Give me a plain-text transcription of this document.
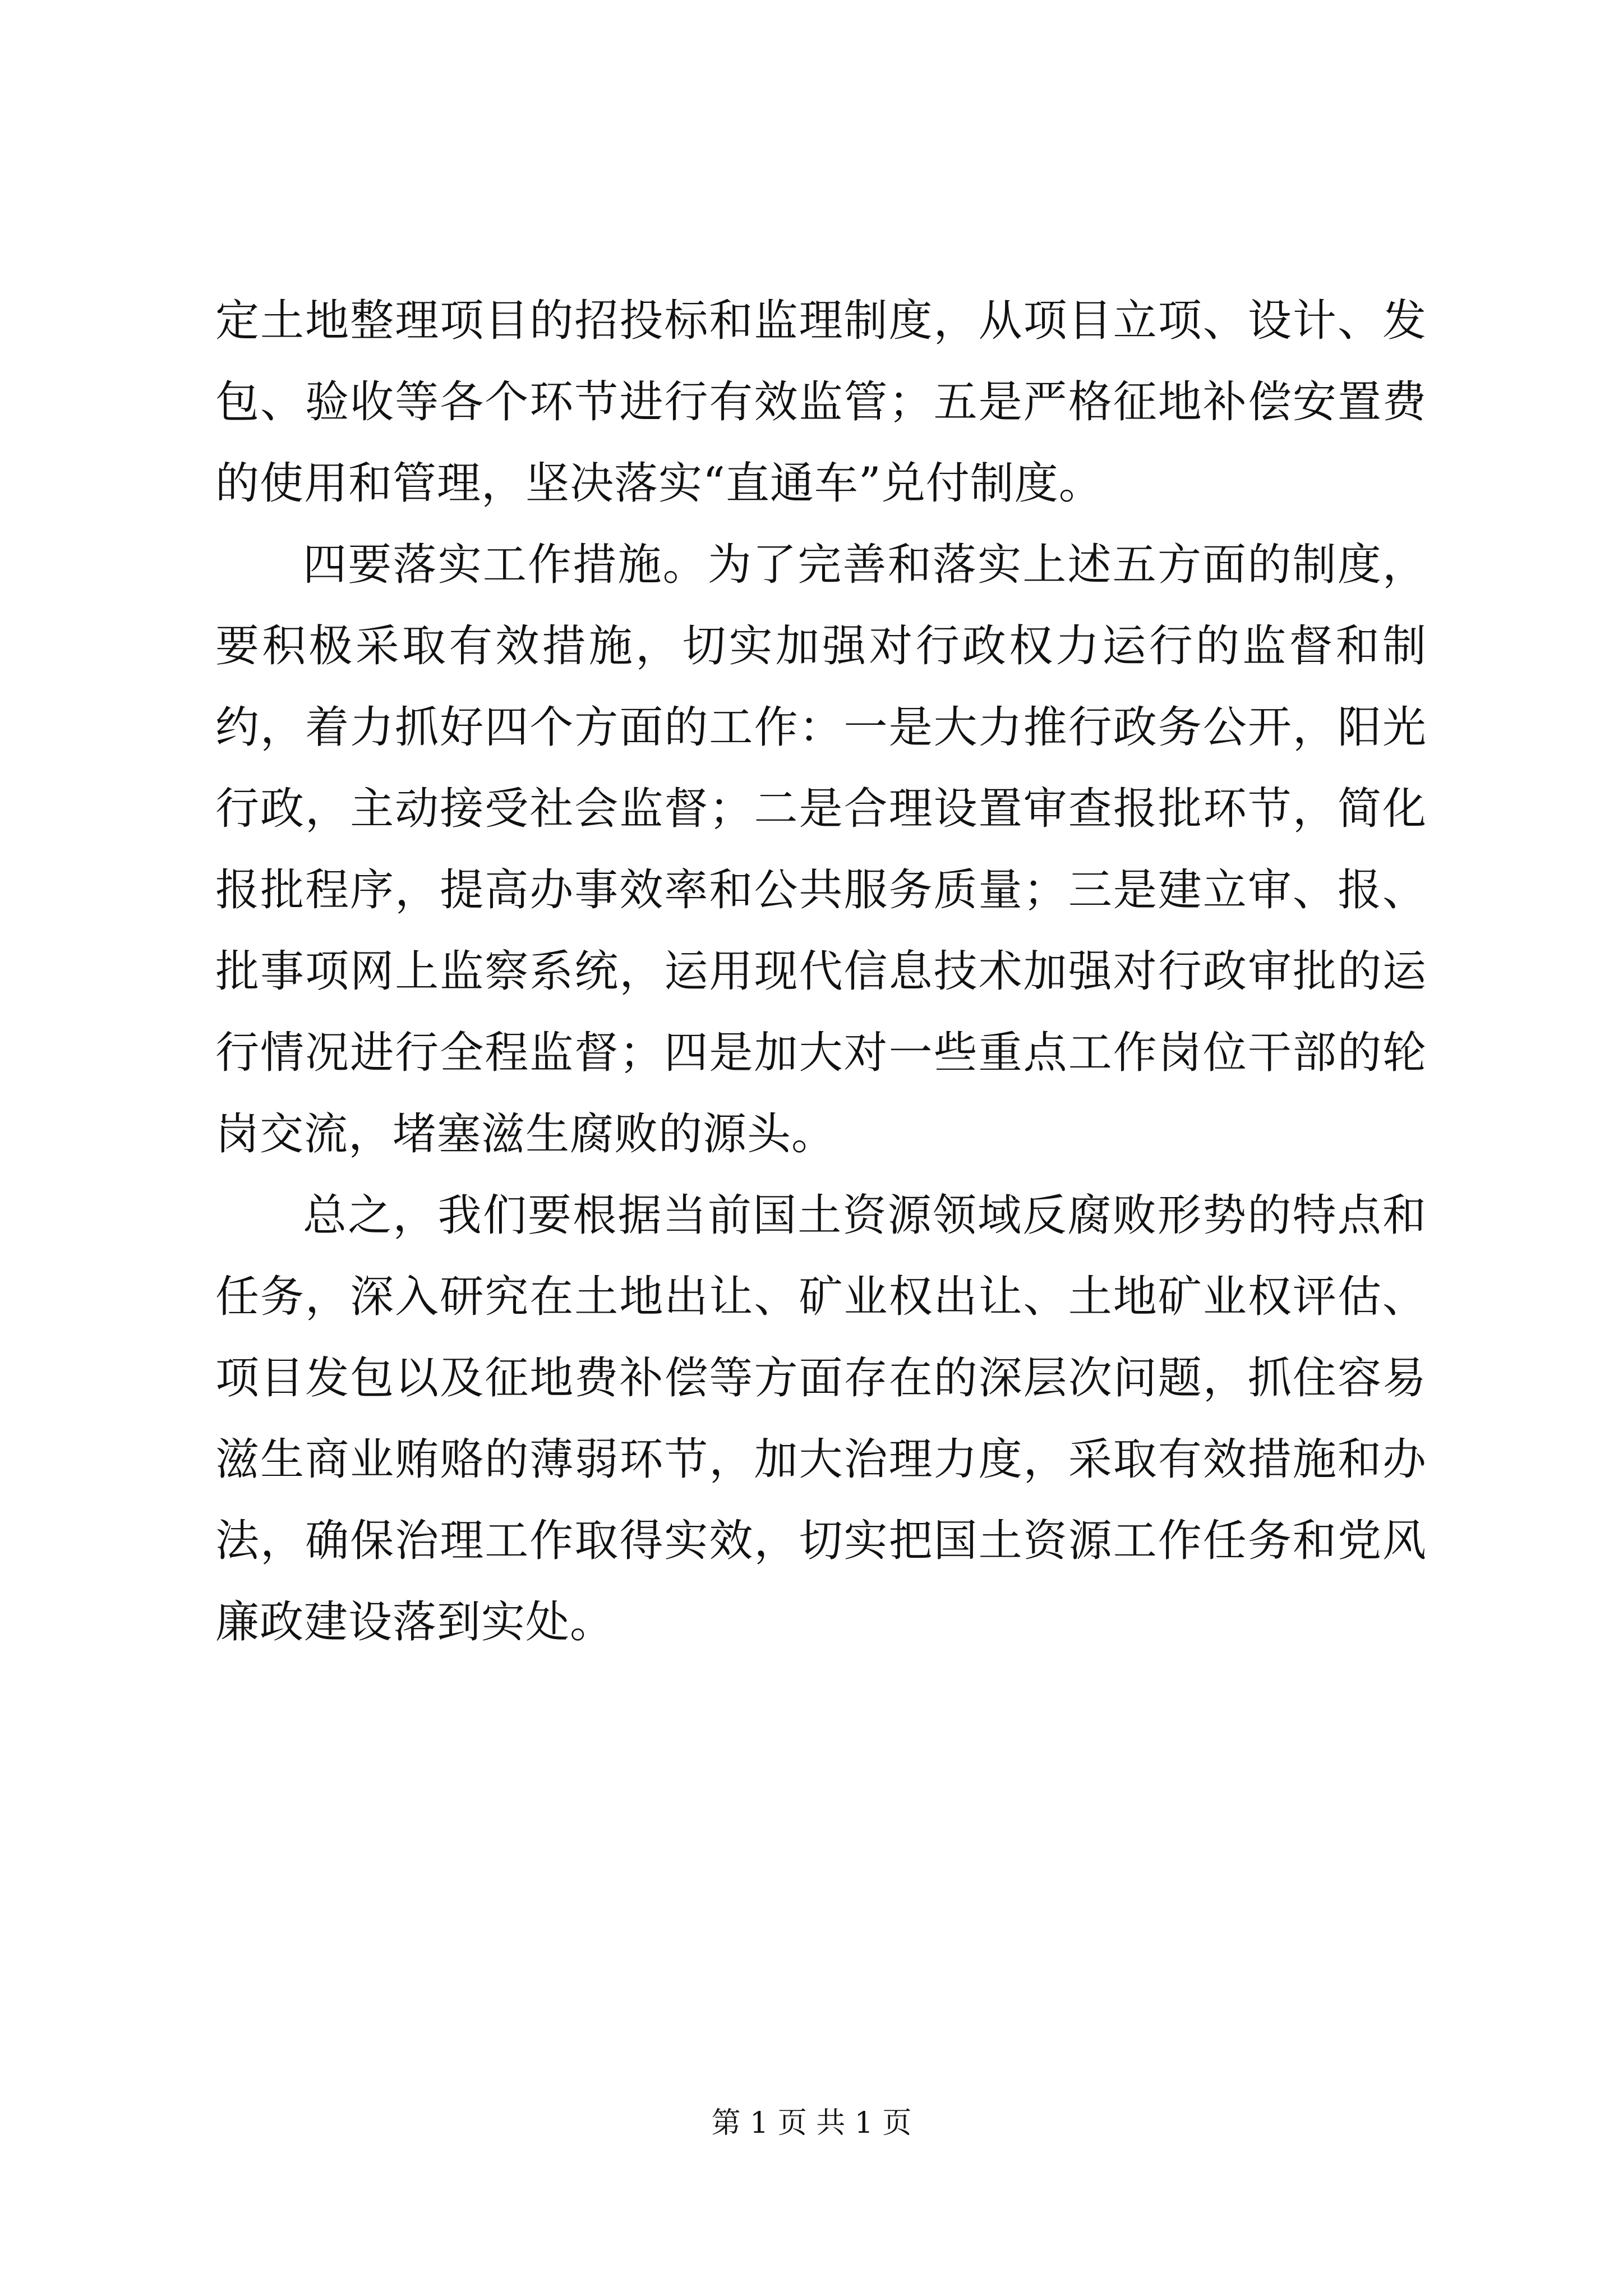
定土地整理项目的招投标和监理制度，从项目立项、设计、发包、验收等各个环节进行有效监管；五是严格征地补偿安置费的使用和管理，坚决落实“直通车”兑付制度。

四要落实工作措施。为了完善和落实上述五方面的制度，要积极采取有效措施，切实加强对行政权力运行的监督和制约，着力抓好四个方面的工作：一是大力推行政务公开，阳光行政，主动接受社会监督；二是合理设置审查报批环节，简化报批程序，提高办事效率和公共服务质量；三是建立审、报、批事项网上监察系统，运用现代信息技术加强对行政审批的运行情况进行全程监督；四是加大对一些重点工作岗位干部的轮岗交流，堵塞滋生腐败的源头。

总之，我们要根据当前国土资源领域反腐败形势的特点和任务，深入研究在土地出让、矿业权出让、土地矿业权评估、项目发包以及征地费补偿等方面存在的深层次问题，抓住容易滋生商业贿赂的薄弱环节，加大治理力度，采取有效措施和办法，确保治理工作取得实效，切实把国土资源工作任务和党风廉政建设落到实处。

第 1 页 共 1 页
